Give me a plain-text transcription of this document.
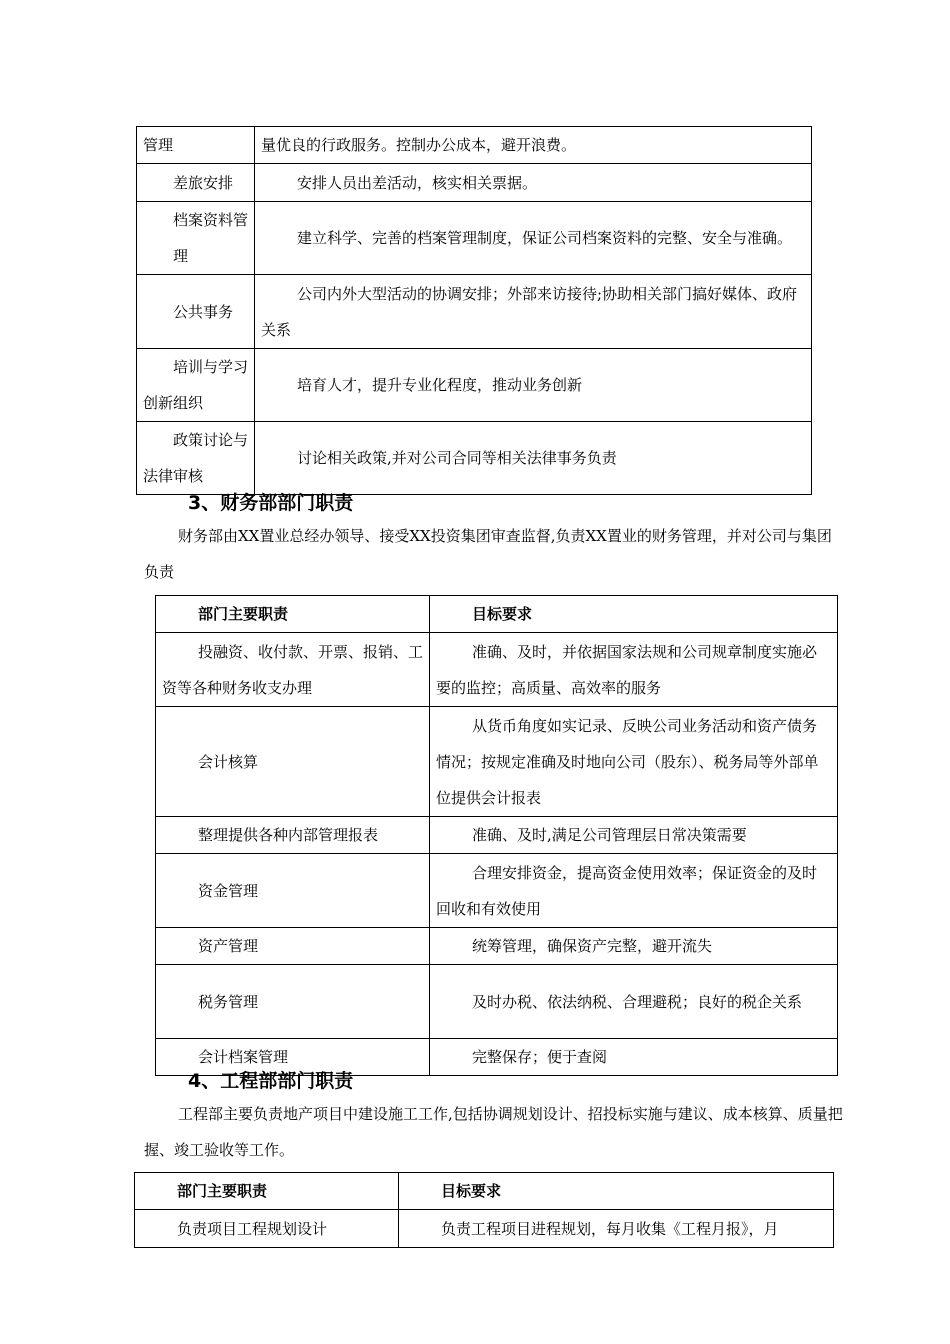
管理	量优良的行政服务。控制办公成本，避开浪费。
差旅安排	安排人员出差活动，核实相关票据。

档案资料管理	建立科学、完善的档案管理制度，保证公司档案资料的完整、安全与准确。
公共事务	公司内外大型活动的协调安排；外部来访接待;协助相关部门搞好媒体、政府关系
培训与学习创新组织	培育人才，提升专业化程度，推动业务创新
政策讨论与法律审核	讨论相关政策,并对公司合同等相关法律事务负责
3、财务部部门职责

财务部由XX置业总经办领导、接受XX投资集团审查监督,负责XX置业的财务管理，并对公司与集团负责

部门主要职责	目标要求
投融资、收付款、开票、报销、工资等各种财务收支办理	准确、及时，并依据国家法规和公司规章制度实施必要的监控；高质量、高效率的服务
会计核算	从货币角度如实记录、反映公司业务活动和资产债务情况；按规定准确及时地向公司（股东）、税务局等外部单位提供会计报表
整理提供各种内部管理报表	准确、及时,满足公司管理层日常决策需要
资金管理	合理安排资金，提高资金使用效率；保证资金的及时回收和有效使用
资产管理	统筹管理，确保资产完整，避开流失
税务管理	及时办税、依法纳税、合理避税；良好的税企关系
会计档案管理	完整保存；便于查阅
4、工程部部门职责

工程部主要负责地产项目中建设施工工作,包括协调规划设计、招投标实施与建议、成本核算、质量把握、竣工验收等工作。

部门主要职责	目标要求
负责项目工程规划设计	负责工程项目进程规划，每月收集《工程月报》，月
